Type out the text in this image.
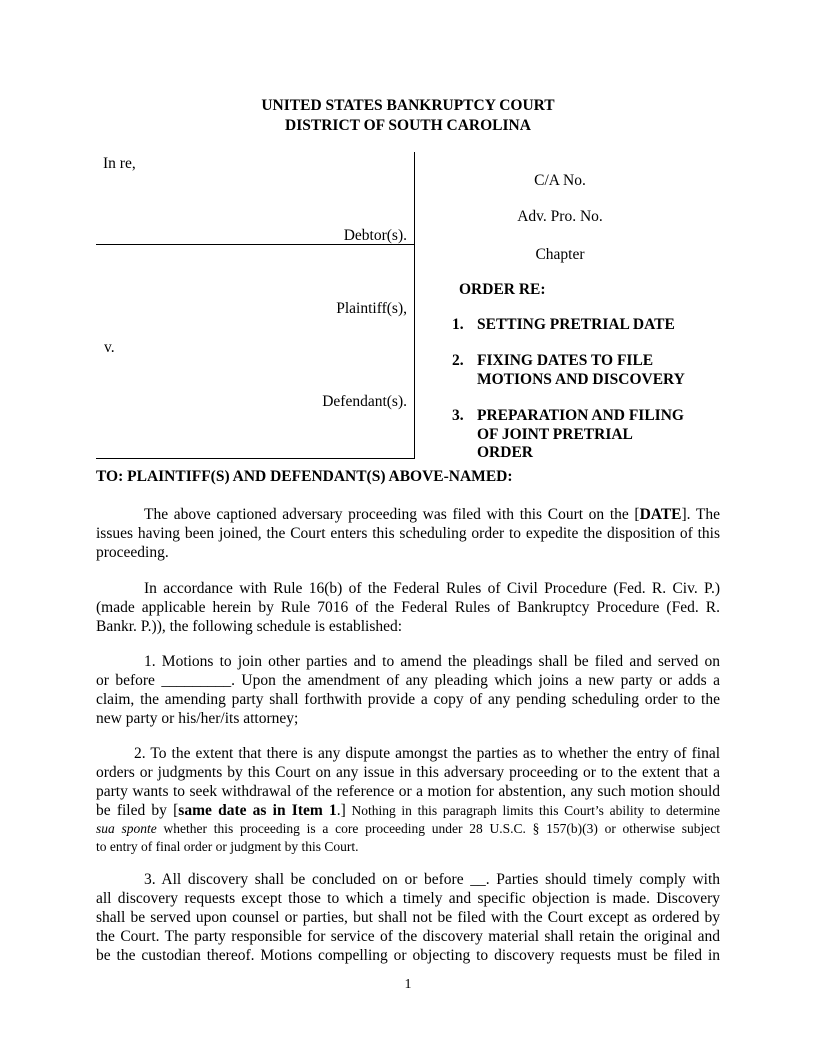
UNITED STATES BANKRUPTCY COURT
DISTRICT OF SOUTH CAROLINA
In re,
Debtor(s).
Plaintiff(s),
v.
Defendant(s).
C/A No.
Adv. Pro. No.
Chapter
ORDER RE:
1. SETTING PRETRIAL DATE
2. FIXING DATES TO FILE
MOTIONS AND DISCOVERY
3. PREPARATION AND FILING
OF JOINT PRETRIAL
ORDER
TO: PLAINTIFF(S) AND DEFENDANT(S) ABOVE-NAMED:
The above captioned adversary proceeding was filed with this Court on the [DATE]. The
issues having been joined, the Court enters this scheduling order to expedite the disposition of this
proceeding.
In accordance with Rule 16(b) of the Federal Rules of Civil Procedure (Fed. R. Civ. P.)
(made applicable herein by Rule 7016 of the Federal Rules of Bankruptcy Procedure (Fed. R.
Bankr. P.)), the following schedule is established:
1. Motions to join other parties and to amend the pleadings shall be filed and served on
or before _________. Upon the amendment of any pleading which joins a new party or adds a
claim, the amending party shall forthwith provide a copy of any pending scheduling order to the
new party or his/her/its attorney;
2. To the extent that there is any dispute amongst the parties as to whether the entry of final
orders or judgments by this Court on any issue in this adversary proceeding or to the extent that a
party wants to seek withdrawal of the reference or a motion for abstention, any such motion should
be filed by [same date as in Item 1.] Nothing in this paragraph limits this Court’s ability to determine
sua sponte whether this proceeding is a core proceeding under 28 U.S.C. § 157(b)(3) or otherwise subject
to entry of final order or judgment by this Court.
3. All discovery shall be concluded on or before __. Parties should timely comply with
all discovery requests except those to which a timely and specific objection is made. Discovery
shall be served upon counsel or parties, but shall not be filed with the Court except as ordered by
the Court. The party responsible for service of the discovery material shall retain the original and
be the custodian thereof. Motions compelling or objecting to discovery requests must be filed in
1
